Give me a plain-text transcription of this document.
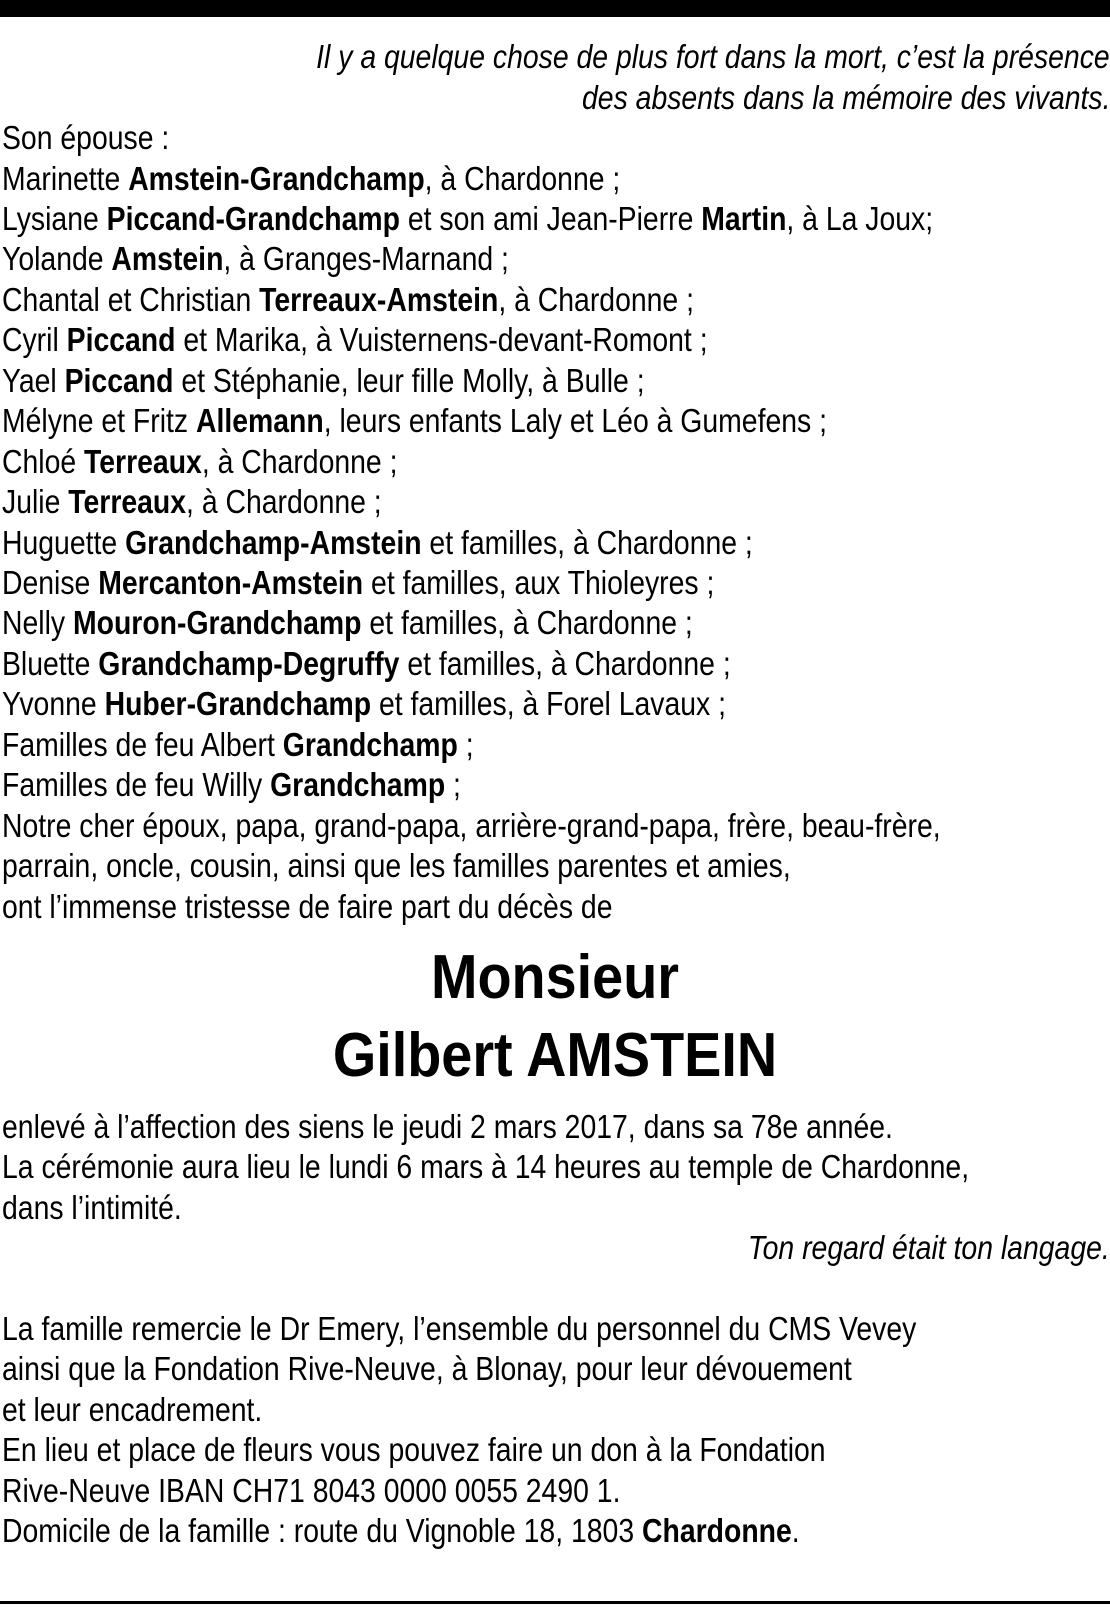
Il y a quelque chose de plus fort dans la mort, c’est la présence
des absents dans la mémoire des vivants.
Son épouse :
Marinette Amstein-Grandchamp, à Chardonne ;
Lysiane Piccand-Grandchamp et son ami Jean-Pierre Martin, à La Joux;
Yolande Amstein, à Granges-Marnand ;
Chantal et Christian Terreaux-Amstein, à Chardonne ;
Cyril Piccand et Marika, à Vuisternens-devant-Romont ;
Yael Piccand et Stéphanie, leur fille Molly, à Bulle ;
Mélyne et Fritz Allemann, leurs enfants Laly et Léo à Gumefens ;
Chloé Terreaux, à Chardonne ;
Julie Terreaux, à Chardonne ;
Huguette Grandchamp-Amstein et familles, à Chardonne ;
Denise Mercanton-Amstein et familles, aux Thioleyres ;
Nelly Mouron-Grandchamp et familles, à Chardonne ;
Bluette Grandchamp-Degruffy et familles, à Chardonne ;
Yvonne Huber-Grandchamp et familles, à Forel Lavaux ;
Familles de feu Albert Grandchamp ;
Familles de feu Willy Grandchamp ;
Notre cher époux, papa, grand-papa, arrière-grand-papa, frère, beau-frère,
parrain, oncle, cousin, ainsi que les familles parentes et amies,
ont l’immense tristesse de faire part du décès de
Monsieur
Gilbert AMSTEIN
enlevé à l’affection des siens le jeudi 2 mars 2017, dans sa 78e année.
La cérémonie aura lieu le lundi 6 mars à 14 heures au temple de Chardonne,
dans l’intimité.
Ton regard était ton langage.
La famille remercie le Dr Emery, l’ensemble du personnel du CMS Vevey
ainsi que la Fondation Rive-Neuve, à Blonay, pour leur dévouement
et leur encadrement.
En lieu et place de fleurs vous pouvez faire un don à la Fondation
Rive-Neuve IBAN CH71 8043 0000 0055 2490 1.
Domicile de la famille : route du Vignoble 18, 1803 Chardonne.
